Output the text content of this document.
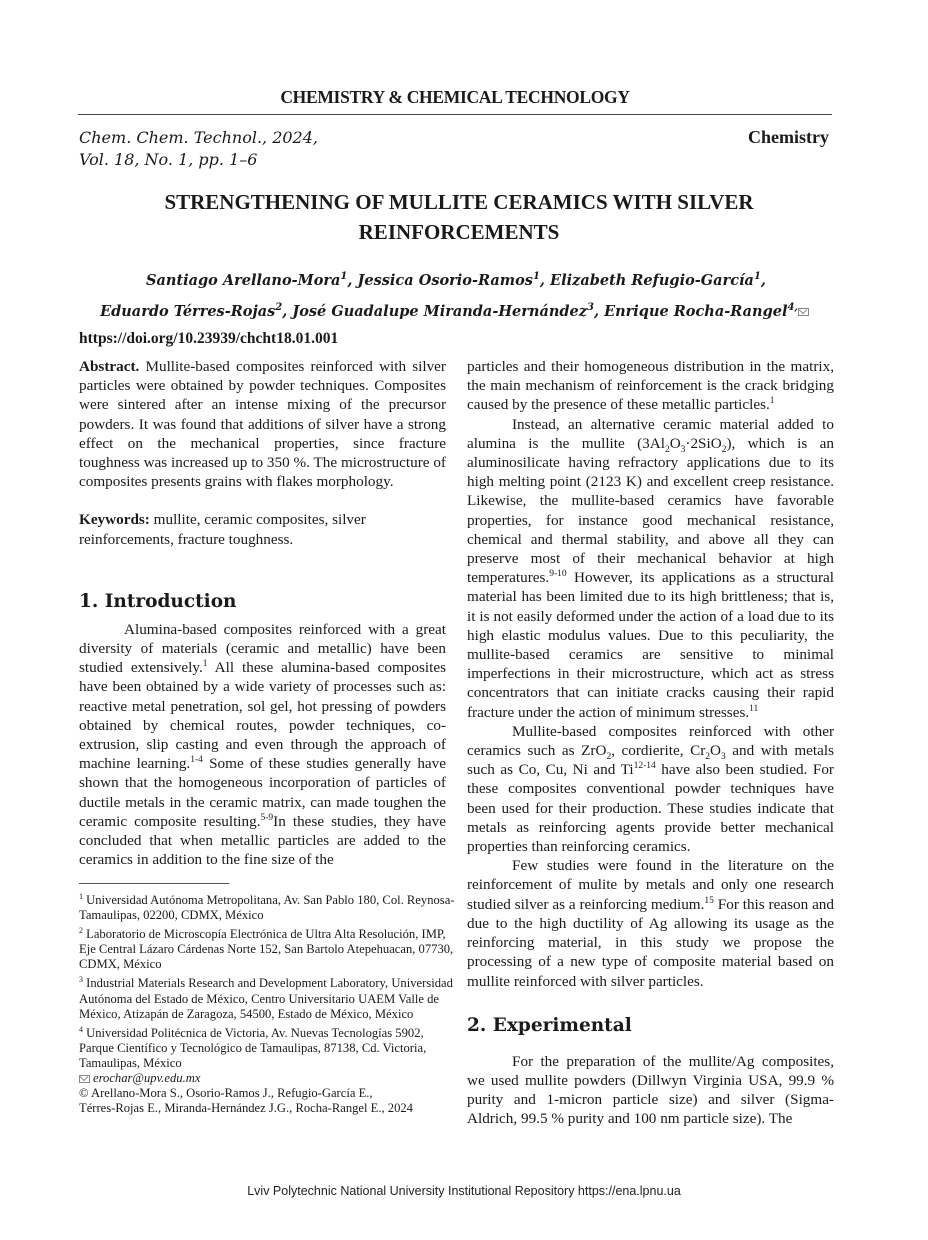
CHEMISTRY & CHEMICAL TECHNOLOGY
Chem. Chem. Technol., 2024,
Vol. 18, No. 1, pp. 1–6
Chemistry
STRENGTHENING OF MULLITE CERAMICS WITH SILVER
REINFORCEMENTS
Santiago Arellano-Mora$^1$, Jessica Osorio-Ramos$^1$, Elizabeth Refugio-García$^1$,
Eduardo Térres-Rojas$^2$, José Guadalupe Miranda-Hernández$^3$, Enrique Rocha-Rangel$^{4,}$
https://doi.org/10.23939/chcht18.01.001

Abstract. Mullite-based composites reinforced with silver particles were obtained by powder techniques. Composites were sintered after an intense mixing of the precursor powders. It was found that additions of silver have a strong effect on the mechanical properties, since fracture toughness was increased up to 350 %. The microstructure of composites presents grains with flakes morphology.

Keywords: mullite, ceramic composites, silver reinforcements, fracture toughness.

1. Introduction

Alumina-based composites reinforced with a great diversity of materials (ceramic and metallic) have been studied extensively.$^1$ All these alumina-based composites have been obtained by a wide variety of processes such as: reactive metal penetration, sol gel, hot pressing of powders obtained by chemical routes, powder techniques, co-extrusion, slip casting and even through the approach of machine learning.$^{1-4}$ Some of these studies generally have shown that the homogeneous incorporation of particles of ductile metals in the ceramic matrix, can made toughen the ceramic composite resulting.$^{5-9}$In these studies, they have concluded that when metallic particles are added to the ceramics in addition to the fine size of the

$^1$ Universidad Autónoma Metropolitana, Av. San Pablo 180, Col. Reynosa-Tamaulipas, 02200, CDMX, México

$^2$ Laboratorio de Microscopía Electrónica de Ultra Alta Resolución, IMP, Eje Central Lázaro Cárdenas Norte 152, San Bartolo Atepehuacan, 07730, CDMX, México

$^3$ Industrial Materials Research and Development Laboratory, Universidad Autónoma del Estado de México, Centro Universitario UAEM Valle de México, Atizapán de Zaragoza, 54500, Estado de México, México

$^4$ Universidad Politécnica de Victoria, Av. Nuevas Tecnologías 5902, Parque Científico y Tecnológico de Tamaulipas, 87138, Cd. Victoria, Tamaulipas, México

erochar@upv.edu.mx

© Arellano-Mora S., Osorio-Ramos J., Refugio-García E.,
Térres-Rojas E., Miranda-Hernández J.G., Rocha-Rangel E., 2024

particles and their homogeneous distribution in the matrix, the main mechanism of reinforcement is the crack bridging caused by the presence of these metallic particles.$^1$

Instead, an alternative ceramic material added to alumina is the mullite $(3Al_2O_3\cdot 2SiO_2)$, which is an aluminosilicate having refractory applications due to its high melting point (2123 K) and excellent creep resistance. Likewise, the mullite-based ceramics have favorable properties, for instance good mechanical resistance, chemical and thermal stability, and above all they can preserve most of their mechanical behavior at high temperatures.$^{9-10}$ However, its applications as a structural material has been limited due to its high brittleness; that is, it is not easily deformed under the action of a load due to its high elastic modulus values. Due to this peculiarity, the mullite-based ceramics are sensitive to minimal imperfections in their microstructure, which act as stress concentrators that can initiate cracks causing their rapid fracture under the action of minimum stresses.$^{11}$

Mullite-based composites reinforced with other ceramics such as ZrO$_2$, cordierite, $Cr_2O_3$ and with metals such as Co, Cu, Ni and Ti$^{12-14}$ have also been studied. For these composites conventional powder techniques have been used for their production. These studies indicate that metals as reinforcing agents provide better mechanical properties than reinforcing ceramics.

Few studies were found in the literature on the reinforcement of mulite by metals and only one research studied silver as a reinforcing medium.$^{15}$ For this reason and due to the high ductility of Ag allowing its usage as the reinforcing material, in this study we propose the processing of a new type of composite material based on mullite reinforced with silver particles.

2. Experimental

For the preparation of the mullite/Ag composites, we used mullite powders (Dillwyn Virginia USA, 99.9 % purity and 1-micron particle size) and silver (Sigma-Aldrich, 99.5 % purity and 100 nm particle size). The

Lviv Polytechnic National University Institutional Repository https://ena.lpnu.ua
